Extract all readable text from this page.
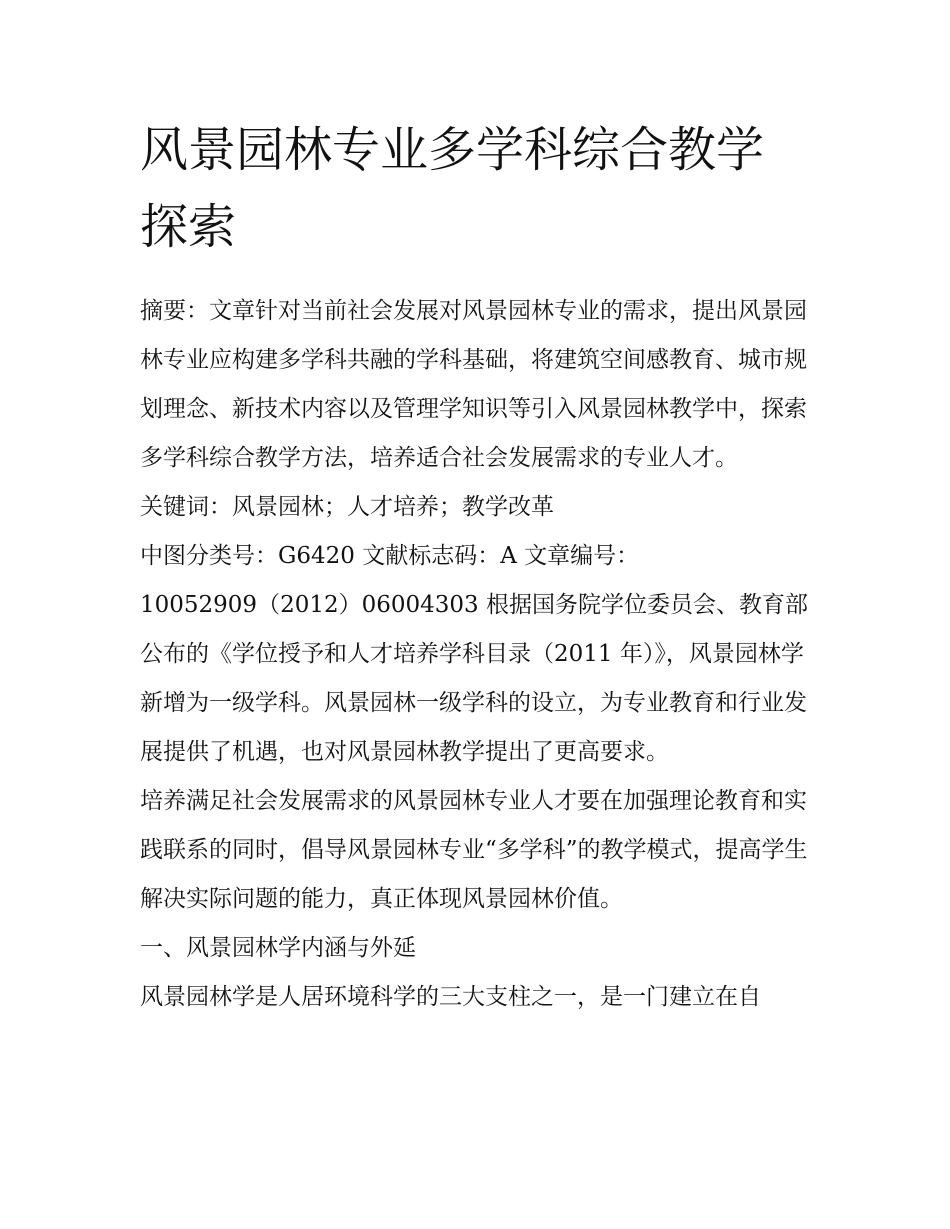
风景园林专业多学科综合教学探索

摘要：文章针对当前社会发展对风景园林专业的需求，提出风景园林专业应构建多学科共融的学科基础，将建筑空间感教育、城市规划理念、新技术内容以及管理学知识等引入风景园林教学中，探索多学科综合教学方法，培养适合社会发展需求的专业人才。

关键词：风景园林；人才培养；教学改革

中图分类号：G6420 文献标志码：A 文章编号：

10052909（2012）06004303 根据国务院学位委员会、教育部公布的《学位授予和人才培养学科目录（2011 年）》，风景园林学新增为一级学科。风景园林一级学科的设立，为专业教育和行业发展提供了机遇，也对风景园林教学提出了更高要求。

培养满足社会发展需求的风景园林专业人才要在加强理论教育和实践联系的同时，倡导风景园林专业“多学科”的教学模式，提高学生解决实际问题的能力，真正体现风景园林价值。

一、风景园林学内涵与外延

风景园林学是人居环境科学的三大支柱之一，是一门建立在自
